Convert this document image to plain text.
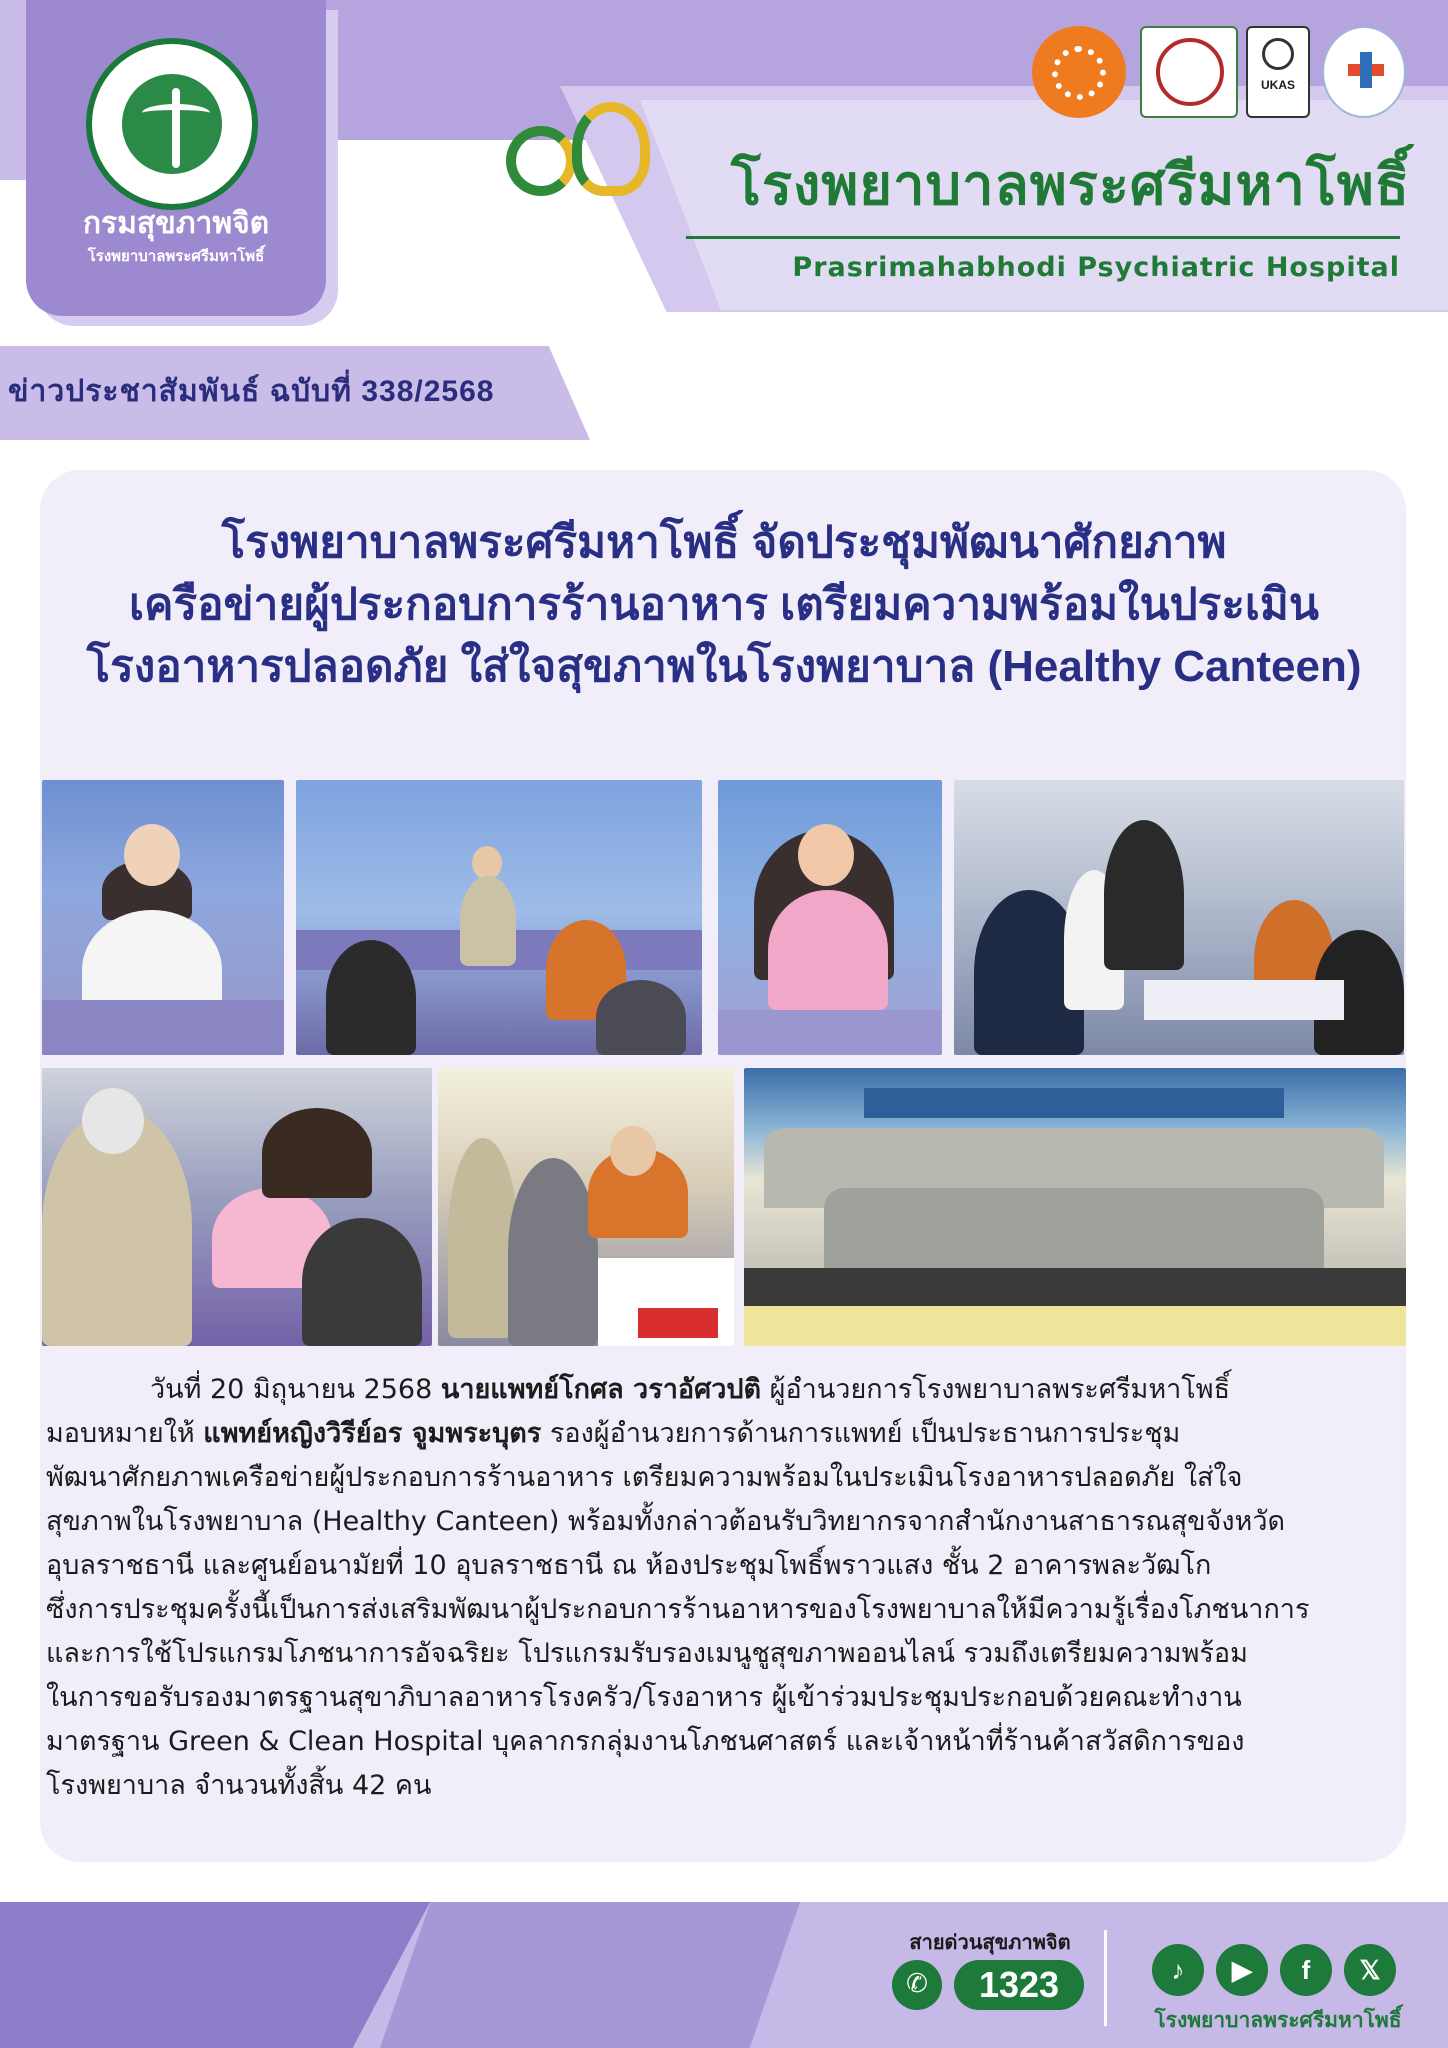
กรมสุขภาพจิต
โรงพยาบาลพระศรีมหาโพธิ์
UKAS
โรงพยาบาลพระศรีมหาโพธิ์
Prasrimahabhodi Psychiatric Hospital
ข่าวประชาสัมพันธ์ ฉบับที่ 338/2568
โรงพยาบาลพระศรีมหาโพธิ์ จัดประชุมพัฒนาศักยภาพ
เครือข่ายผู้ประกอบการร้านอาหาร เตรียมความพร้อมในประเมิน
โรงอาหารปลอดภัย ใส่ใจสุขภาพในโรงพยาบาล (Healthy Canteen)
วันที่ 20 มิถุนายน 2568 นายแพทย์โกศล วราอัศวปติ ผู้อำนวยการโรงพยาบาลพระศรีมหาโพธิ์
มอบหมายให้ แพทย์หญิงวิรีย์อร จูมพระบุตร รองผู้อำนวยการด้านการแพทย์ เป็นประธานการประชุม
พัฒนาศักยภาพเครือข่ายผู้ประกอบการร้านอาหาร เตรียมความพร้อมในประเมินโรงอาหารปลอดภัย ใส่ใจ
สุขภาพในโรงพยาบาล (Healthy Canteen) พร้อมทั้งกล่าวต้อนรับวิทยากรจากสำนักงานสาธารณสุขจังหวัด
อุบลราชธานี และศูนย์อนามัยที่ 10 อุบลราชธานี ณ ห้องประชุมโพธิ์พราวแสง ชั้น 2 อาคารพละวัฒโก
ซึ่งการประชุมครั้งนี้เป็นการส่งเสริมพัฒนาผู้ประกอบการร้านอาหารของโรงพยาบาลให้มีความรู้เรื่องโภชนาการ
และการใช้โปรแกรมโภชนาการอัจฉริยะ โปรแกรมรับรองเมนูชูสุขภาพออนไลน์ รวมถึงเตรียมความพร้อม
ในการขอรับรองมาตรฐานสุขาภิบาลอาหารโรงครัว/โรงอาหาร ผู้เข้าร่วมประชุมประกอบด้วยคณะทำงาน
มาตรฐาน Green & Clean Hospital บุคลากรกลุ่มงานโภชนศาสตร์ และเจ้าหน้าที่ร้านค้าสวัสดิการของ
โรงพยาบาล จำนวนทั้งสิ้น 42 คน
สายด่วนสุขภาพจิต
✆	1323	♪	▶	f	𝕏
โรงพยาบาลพระศรีมหาโพธิ์
